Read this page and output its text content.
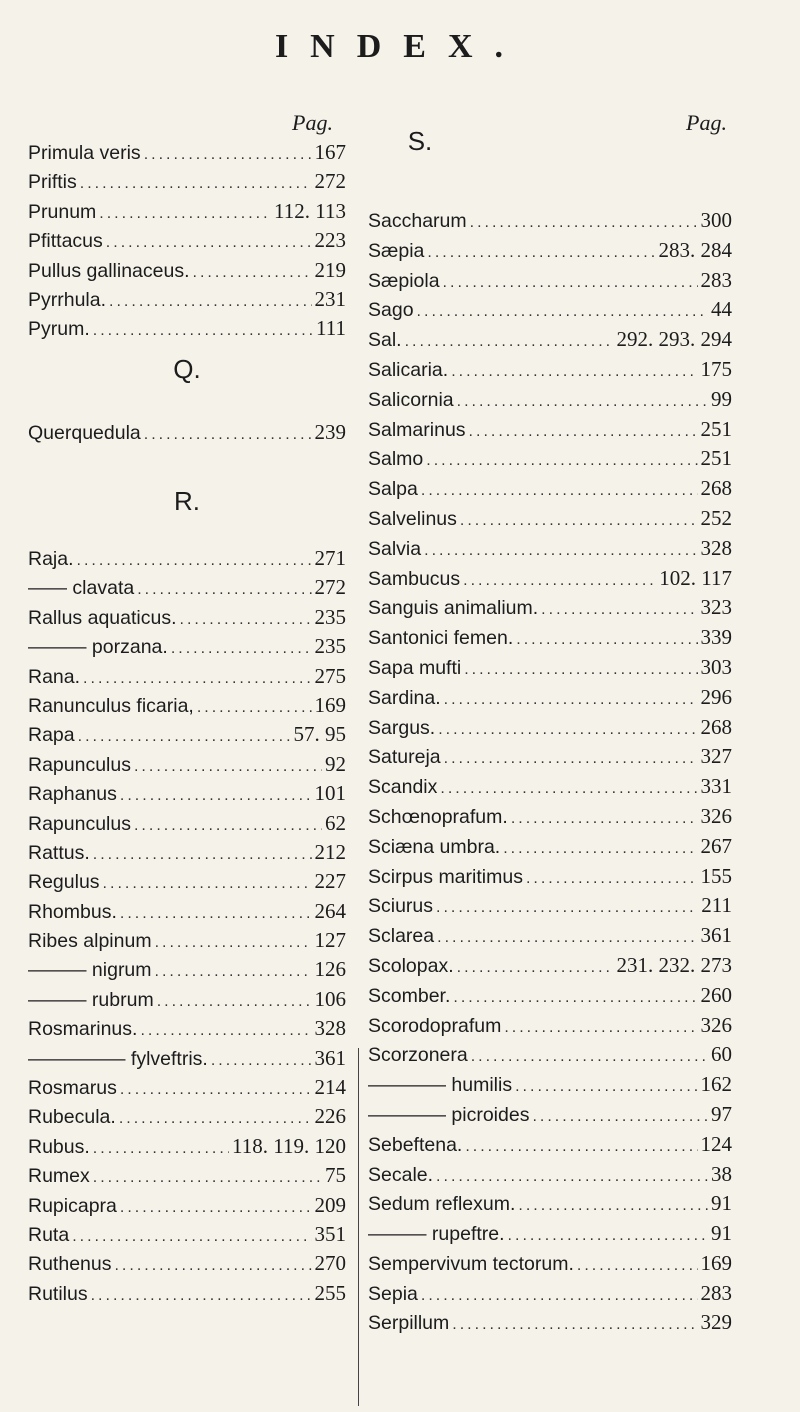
INDEX.
Pag.
Primula veris .....	167
Priftis .....	272
Prunum .....	112. 113
Pfittacus .....	223
Pullus gallinaceus. .....	219
Pyrrhula. .....	231
Pyrum. .....	111
Q.
Querquedula .....	239
R.
Raja. .....	271
—— clavata .....	272
Rallus aquaticus. .....	235
——— porzana. .....	235
Rana. .....	275
Ranunculus ficaria, .....	169
Rapa .....	57. 95
Rapunculus .....	92
Raphanus .....	101
Rapunculus .....	62
Rattus. .....	212
Regulus .....	227
Rhombus. .....	264
Ribes alpinum .....	127
——— nigrum .....	126
——— rubrum .....	106
Rosmarinus. .....	328
————— fylveftris. .....	361
Rosmarus .....	214
Rubecula. .....	226
Rubus. .....	118. 119. 120
Rumex .....	75
Rupicapra .....	209
Ruta .....	351
Ruthenus .....	270
Rutilus .....	255
Pag.
S.
Saccharum .....	300
Sæpia .....	283. 284
Sæpiola .....	283
Sago .....	44
Sal. .....	292. 293. 294
Salicaria. .....	175
Salicornia .....	99
Salmarinus .....	251
Salmo .....	251
Salpa .....	268
Salvelinus .....	252
Salvia .....	328
Sambucus .....	102. 117
Sanguis animalium. .....	323
Santonici femen. .....	339
Sapa mufti .....	303
Sardina. .....	296
Sargus. .....	268
Satureja .....	327
Scandix .....	331
Schœnoprafum. .....	326
Sciæna umbra. .....	267
Scirpus maritimus .....	155
Sciurus .....	211
Sclarea .....	361
Scolopax. .....	231. 232. 273
Scomber. .....	260
Scorodoprafum .....	326
Scorzonera .....	60
———— humilis .....	162
———— picroides .....	97
Sebeftena. .....	124
Secale. .....	38
Sedum reflexum. .....	91
——— rupeftre. .....	91
Sempervivum tectorum. .....	169
Sepia .....	283
Serpillum .....	329
